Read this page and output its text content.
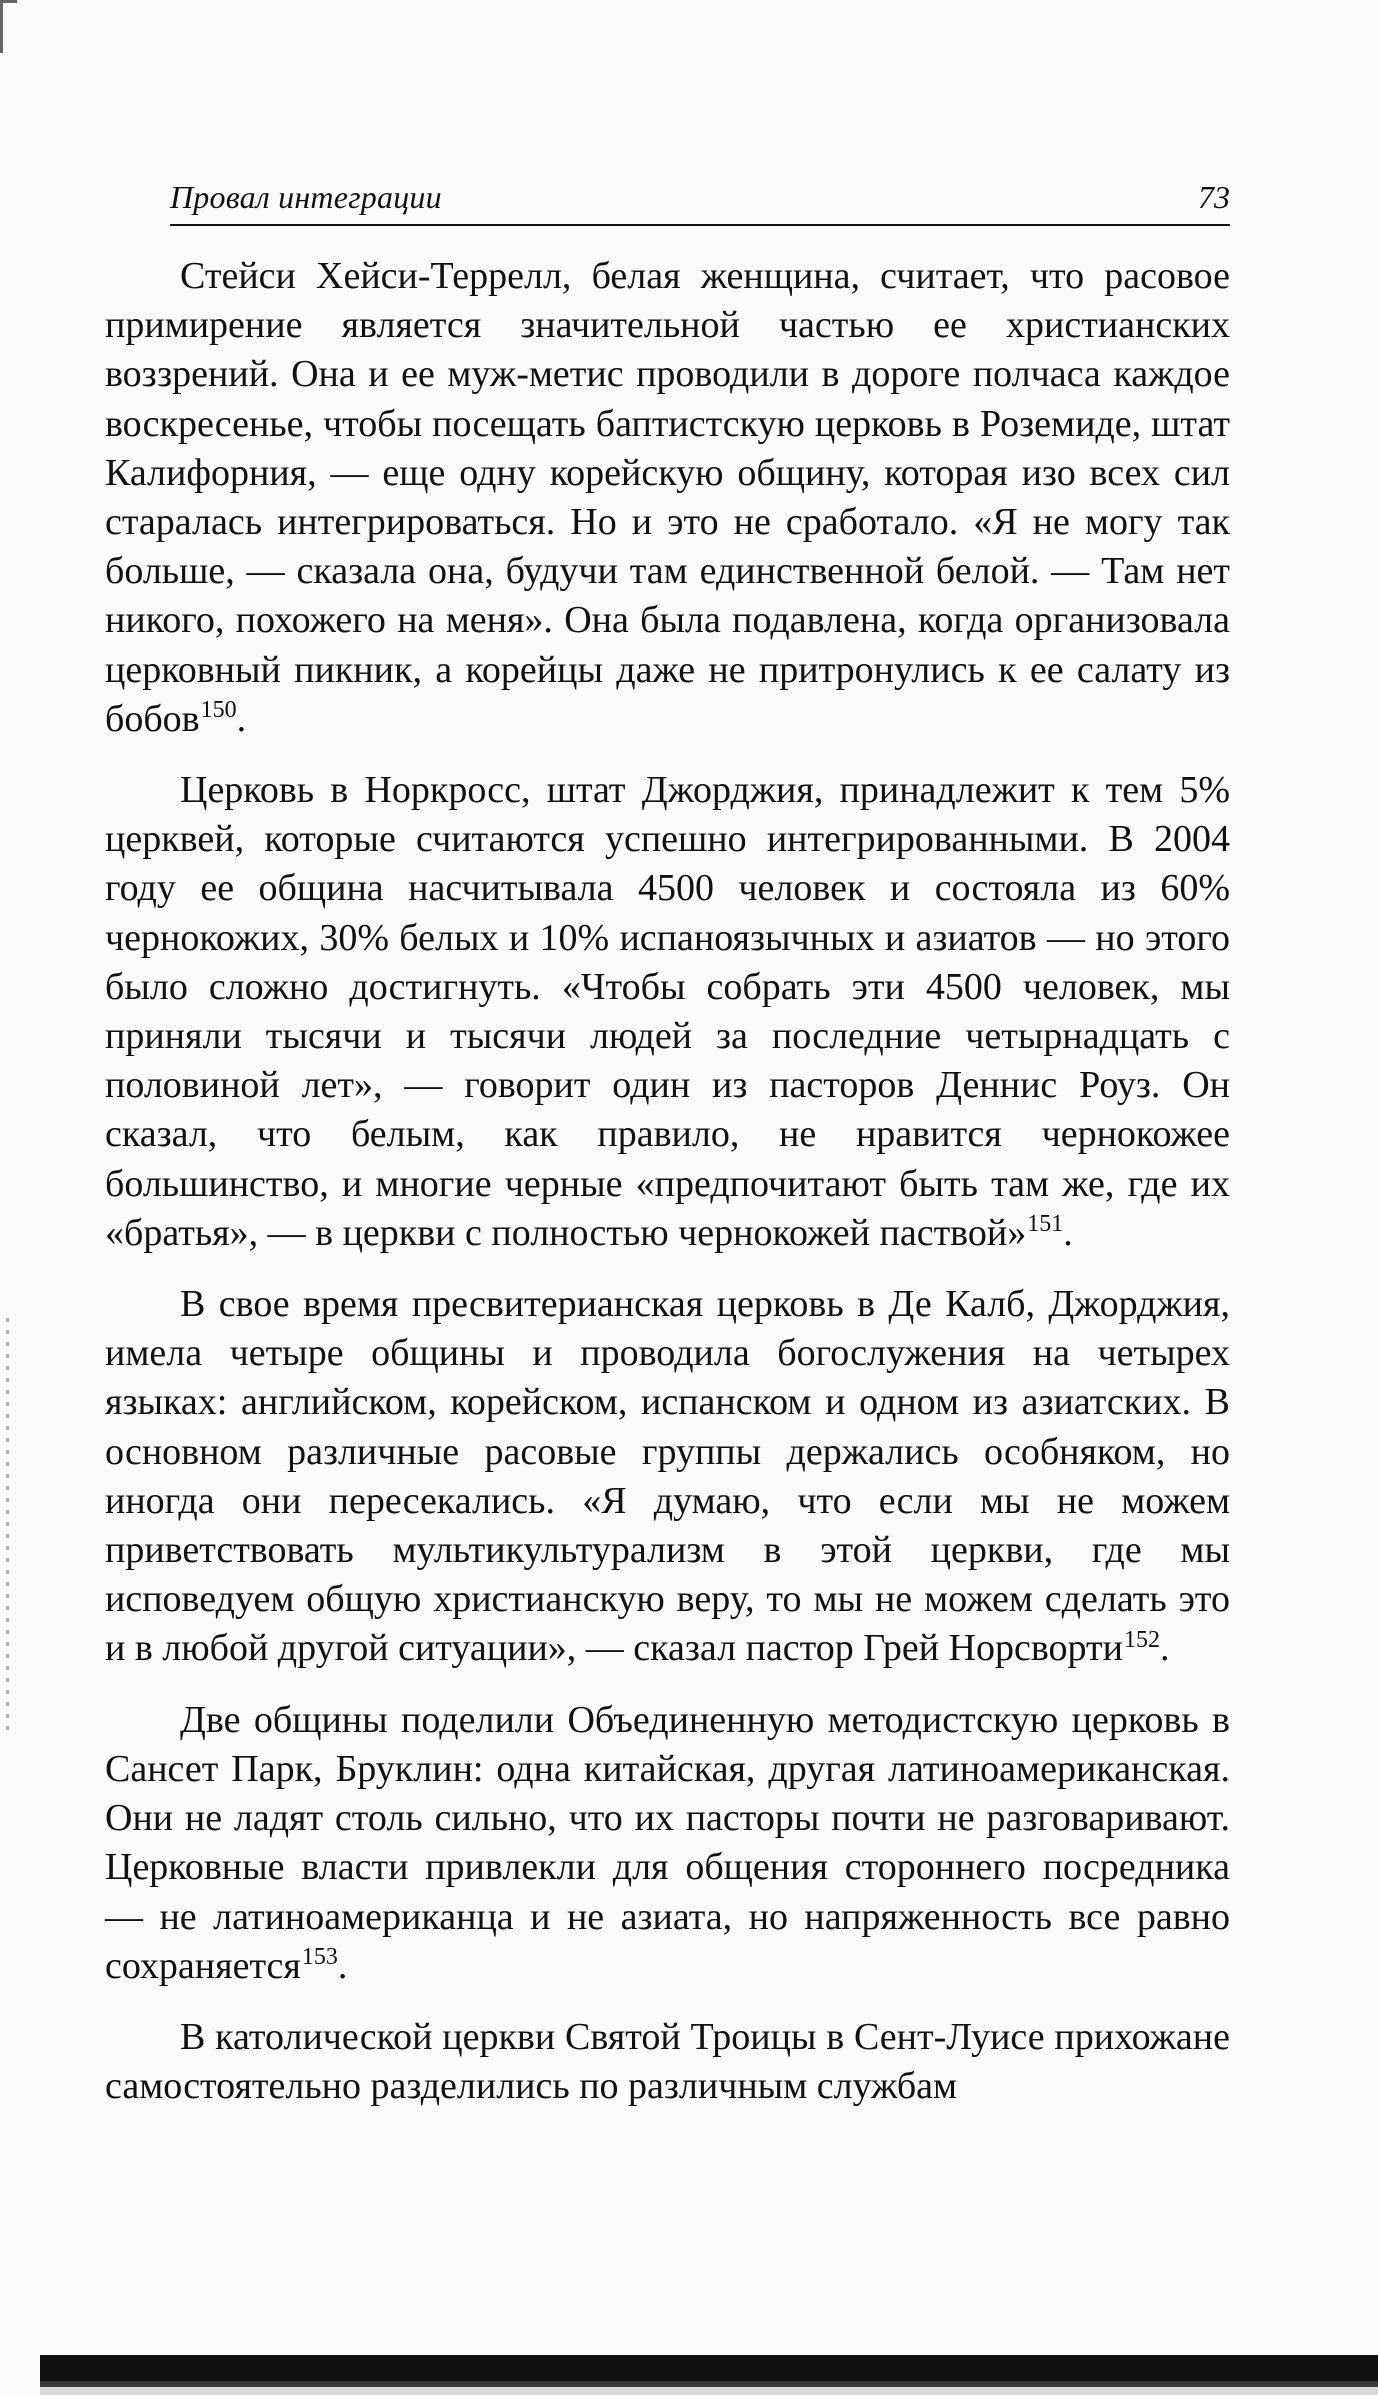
Провал интеграции	73

Стейси Хейси-Террелл, белая женщина, считает, что расовое примирение является значительной частью ее христианских воззрений. Она и ее муж-метис проводили в дороге полчаса каждое воскресенье, чтобы посещать баптистскую церковь в Роземиде, штат Калифорния, — еще одну корейскую общину, которая изо всех сил старалась интегрироваться. Но и это не сработало. «Я не могу так больше, — сказала она, будучи там единственной белой. — Там нет никого, похожего на меня». Она была подавлена, когда организовала церковный пикник, а корейцы даже не притронулись к ее салату из бобов$^{150}$.

Церковь в Норкросс, штат Джорджия, принадлежит к тем 5% церквей, которые считаются успешно интегрированными. В 2004 году ее община насчитывала 4500 человек и состояла из 60% чернокожих, 30% белых и 10% испаноязычных и азиатов — но этого было сложно достигнуть. «Чтобы собрать эти 4500 человек, мы приняли тысячи и тысячи людей за последние четырнадцать с половиной лет», — говорит один из пасторов Деннис Роуз. Он сказал, что белым, как правило, не нравится чернокожее большинство, и многие черные «предпочитают быть там же, где их «братья», — в церкви с полностью чернокожей паствой»$^{151}$.

В свое время пресвитерианская церковь в Де Калб, Джорджия, имела четыре общины и проводила богослужения на четырех языках: английском, корейском, испанском и одном из азиатских. В основном различные расовые группы держались особняком, но иногда они пересекались. «Я думаю, что если мы не можем приветствовать мультикультурализм в этой церкви, где мы исповедуем общую христианскую веру, то мы не можем сделать это и в любой другой ситуации», — сказал пастор Грей Норсворти$^{152}$.

Две общины поделили Объединенную методистскую церковь в Сансет Парк, Бруклин: одна китайская, другая латиноамериканская. Они не ладят столь сильно, что их пасторы почти не разговаривают. Церковные власти привлекли для общения стороннего посредника — не латиноамериканца и не азиата, но напряженность все равно сохраняется$^{153}$.

В католической церкви Святой Троицы в Сент-Луисе прихожане самостоятельно разделились по различным службам
